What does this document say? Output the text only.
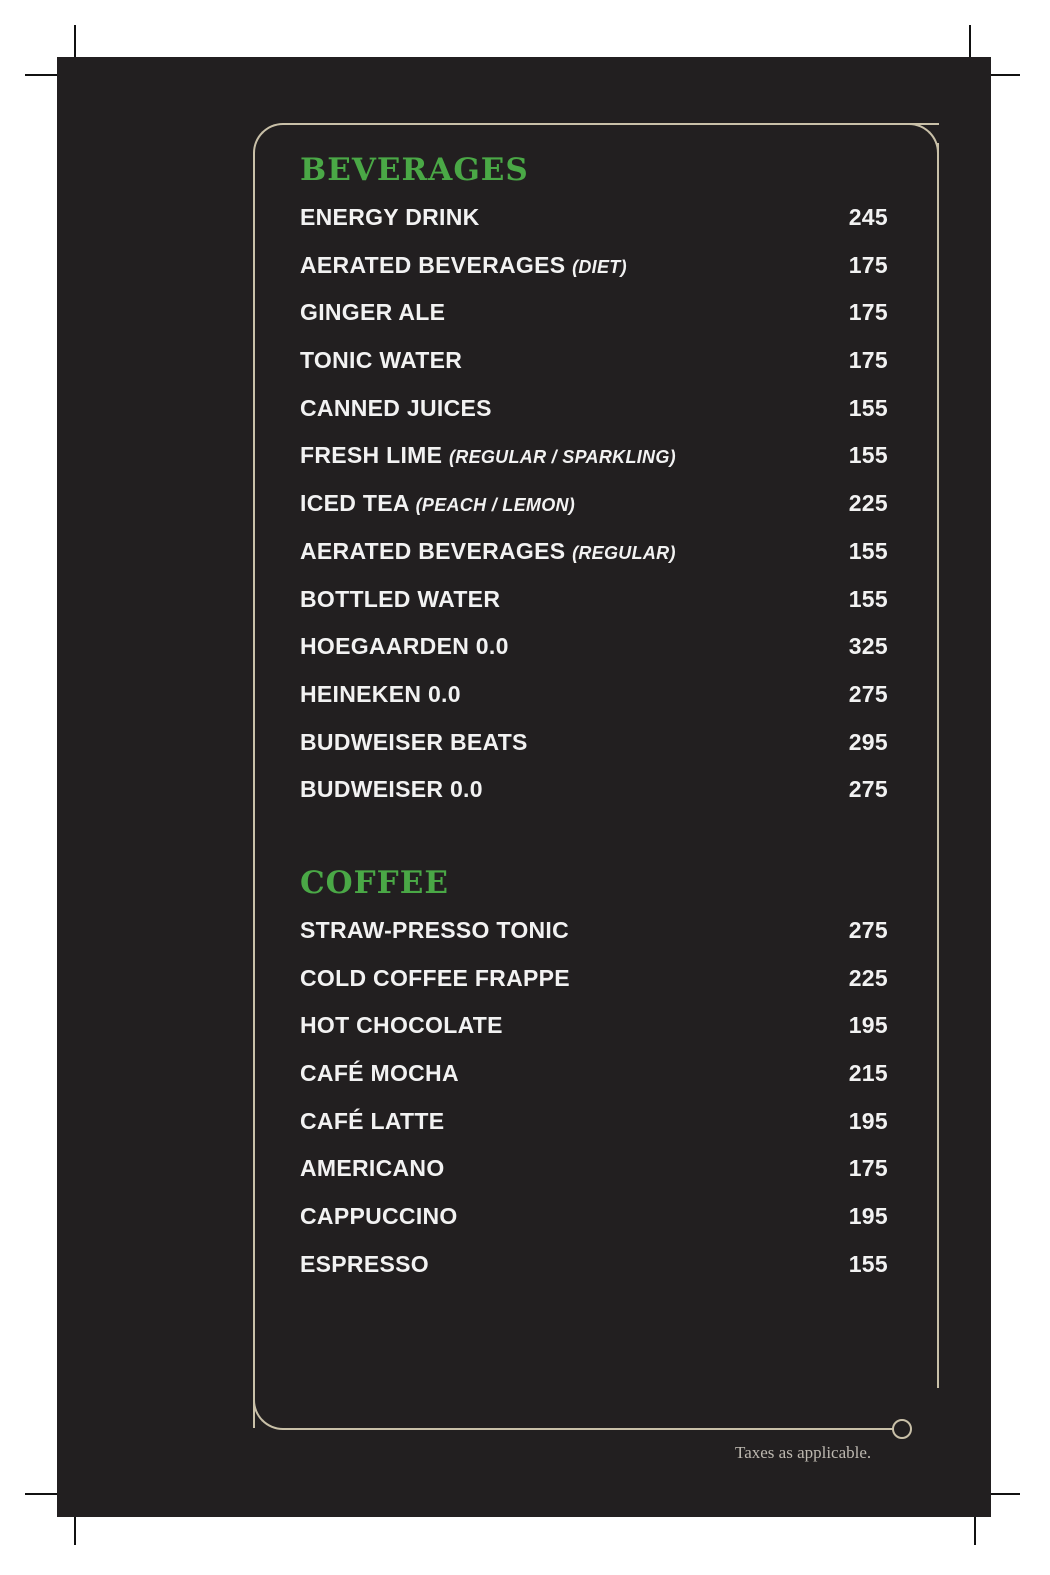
BEVERAGES
ENERGY DRINK	245
AERATED BEVERAGES (DIET)	175
GINGER ALE	175
TONIC WATER	175
CANNED JUICES	155
FRESH LIME (REGULAR / SPARKLING)	155
ICED TEA (PEACH / LEMON)	225
AERATED BEVERAGES (REGULAR)	155
BOTTLED WATER	155
HOEGAARDEN 0.0	325
HEINEKEN 0.0	275
BUDWEISER BEATS	295
BUDWEISER 0.0	275
COFFEE
STRAW-PRESSO TONIC	275
COLD COFFEE FRAPPE	225
HOT CHOCOLATE	195
CAFÉ MOCHA	215
CAFÉ LATTE	195
AMERICANO	175
CAPPUCCINO	195
ESPRESSO	155
Taxes as applicable.
